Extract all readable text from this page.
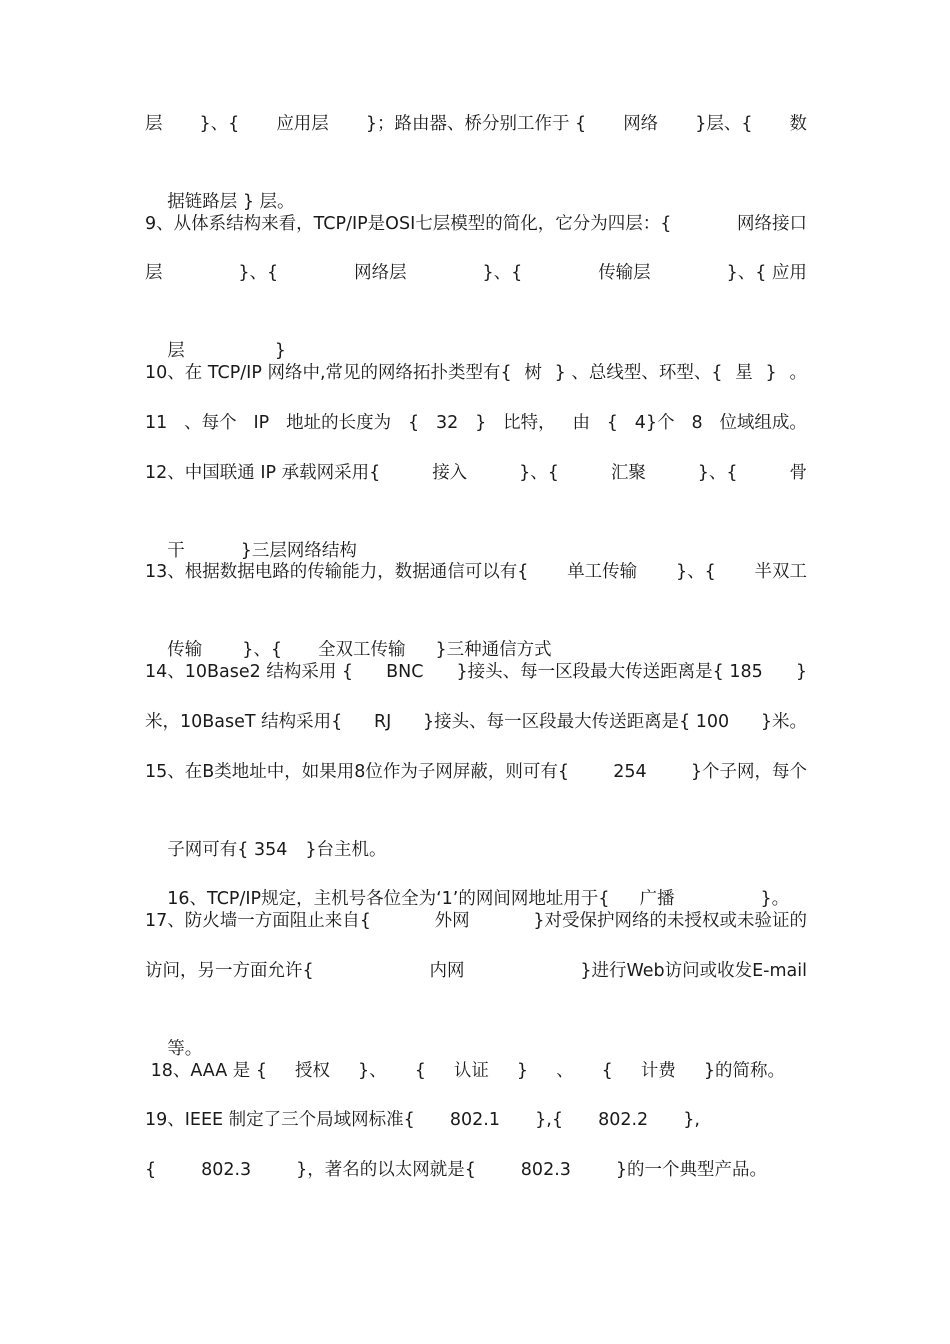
层 }、{ 应用层 }；路由器、桥分别工作于 { 网络 }层、{ 数

据链路层 } 层。

9、从体系结构来看，TCP/IP是OSI七层模型的简化，它分为四层：{	网络接口
层	}、{	网络层	}、{	传输层	}、{ 应用

层	}

10、在 TCP/IP 网络中,常见的网络拓扑类型有{ 树 } 、总线型、环型、{ 星 } 。
11 、每个 IP 地址的长度为 { 32 } 比特， 由 { 4}个 8 位域组成。
12、中国联通 IP 承载网采用{	接入	}、{	汇聚	}、{	骨

干	}三层网络结构

13、根据数据电路的传输能力，数据通信可以有{ 单工传输 }、{ 半双工

传输 }、{ 全双工传输 }三种通信方式

14、10Base2 结构采用 { BNC }接头、每一区段最大传送距离是{ 185 }
米，10BaseT 结构采用{ RJ }接头、每一区段最大传送距离是{ 100 }米。
15、在B类地址中，如果用8位作为子网屏蔽，则可有{	254	}个子网，每个

子网可有{ 354 }台主机。

16、TCP/IP规定，主机号各位全为‘1’的网间网地址用于{ 广播	}。

17、防火墙一方面阻止来自{	外网	}对受保护网络的未授权或未验证的
访问，另一方面允许{	内网	}进行Web访问或收发E-mail

等。

18、AAA 是 { 授权 }、 { 认证 } 、 { 计费 }的简称。
19、IEEE 制定了三个局域网标准{ 802.1 },{ 802.2 },
{	802.3	}，著名的以太网就是{	802.3	}的一个典型产品。
